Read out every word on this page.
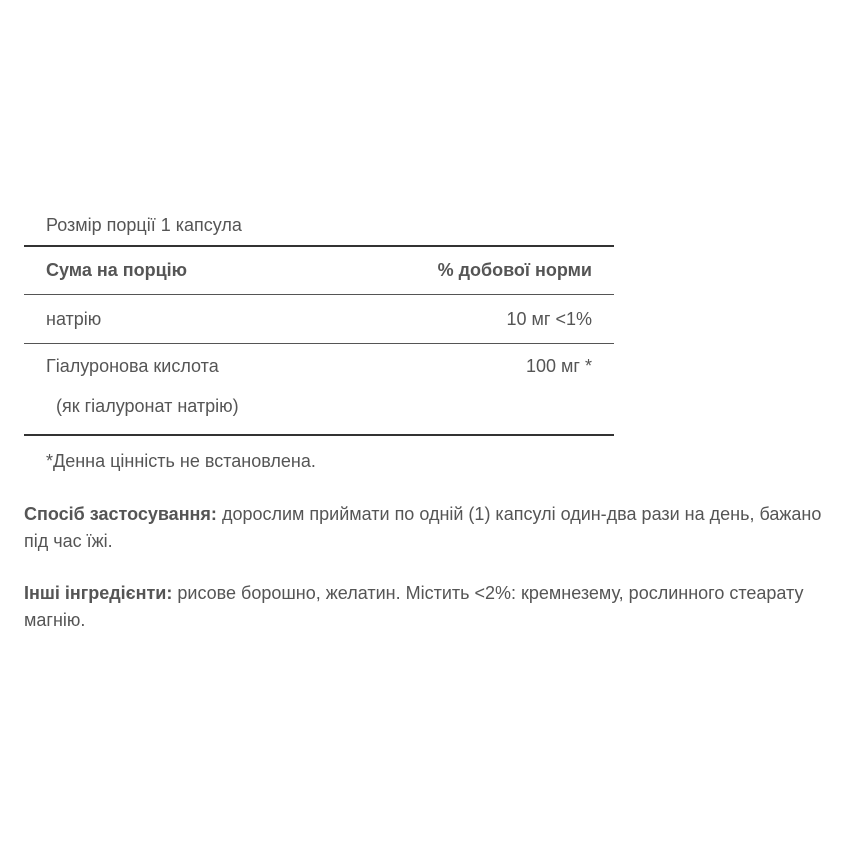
Розмір порції 1 капсула
Сума на порцію	% добової норми
натрію	10 мг <1%
Гіалуронова кислота	100 мг *
(як гіалуронат натрію)
*Денна цінність не встановлена.
Спосіб застосування: дорослим приймати по одній (1) капсулі один-два рази на день, бажано під час їжі.
Інші інгредієнти: рисове борошно, желатин. Містить <2%: кремнезему, рослинного стеарату магнію.
